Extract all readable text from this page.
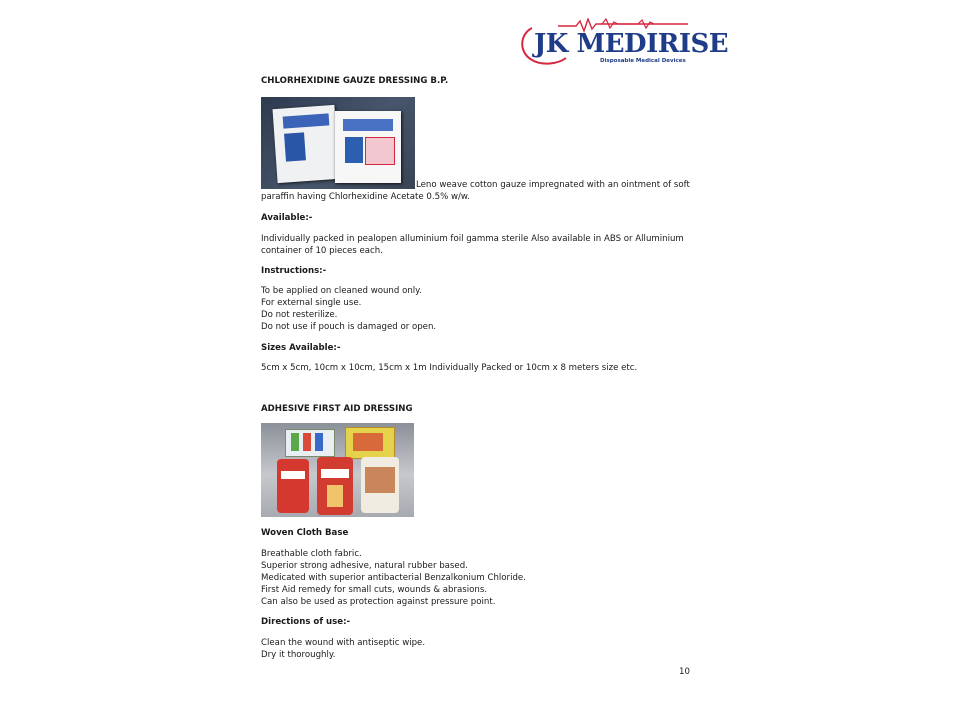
JK MEDIRISE
Disposable Medical Devices
CHLORHEXIDINE GAUZE DRESSING B.P.
Leno weave cotton gauze impregnated with an ointment of soft
paraffin having Chlorhexidine Acetate 0.5% w/w.
Available:-
Individually packed in pealopen alluminium foil gamma sterile Also available in ABS or Alluminium
container of 10 pieces each.
Instructions:-
To be applied on cleaned wound only.
For external single use.
Do not resterilize.
Do not use if pouch is damaged or open.
Sizes Available:-
5cm x 5cm, 10cm x 10cm, 15cm x 1m Individually Packed or 10cm x 8 meters size etc.
ADHESIVE FIRST AID DRESSING
Woven Cloth Base
Breathable cloth fabric.
Superior strong adhesive, natural rubber based.
Medicated with superior antibacterial Benzalkonium Chloride.
First Aid remedy for small cuts, wounds & abrasions.
Can also be used as protection against pressure point.
Directions of use:-
Clean the wound with antiseptic wipe.
Dry it thoroughly.
10
